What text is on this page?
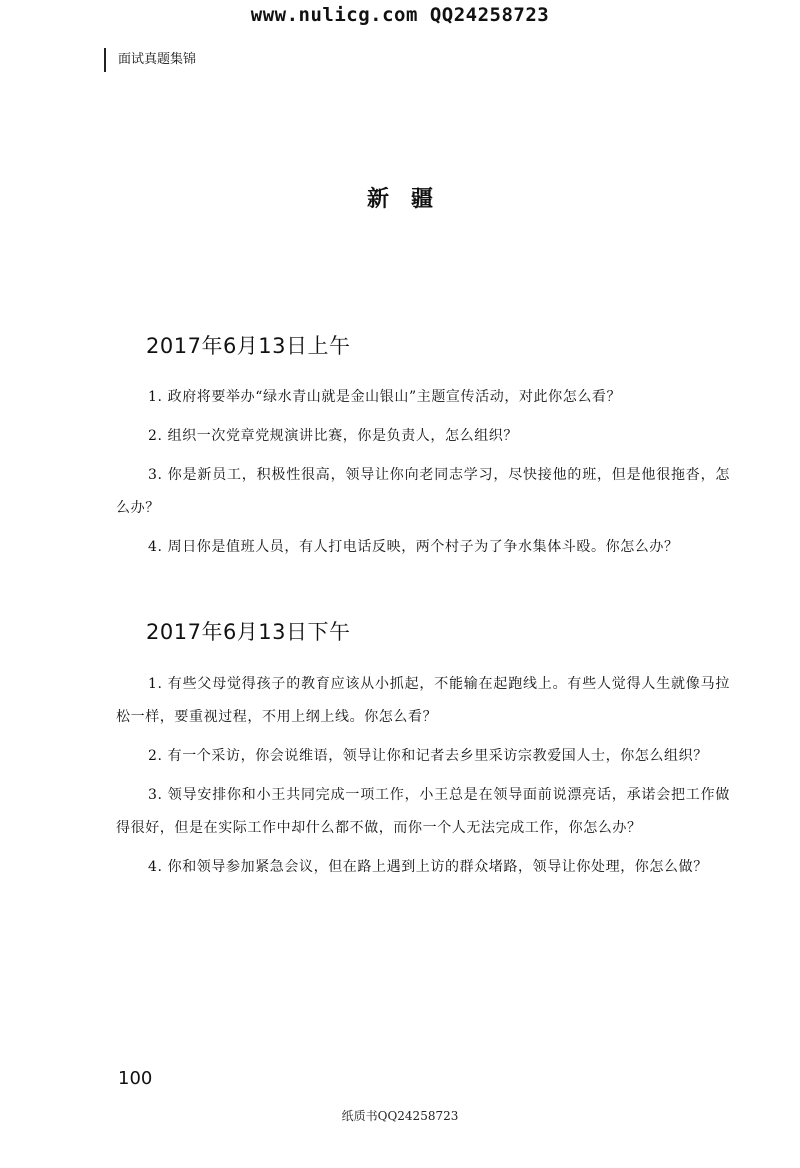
www.nulicg.com QQ24258723
面试真题集锦
新疆
2017年6月13日上午

1. 政府将要举办“绿水青山就是金山银山”主题宣传活动，对此你怎么看？

2. 组织一次党章党规演讲比赛，你是负责人，怎么组织？

3. 你是新员工，积极性很高，领导让你向老同志学习，尽快接他的班，但是他很拖沓，怎么办？

4. 周日你是值班人员，有人打电话反映，两个村子为了争水集体斗殴。你怎么办？

2017年6月13日下午

1. 有些父母觉得孩子的教育应该从小抓起，不能输在起跑线上。有些人觉得人生就像马拉松一样，要重视过程，不用上纲上线。你怎么看？

2. 有一个采访，你会说维语，领导让你和记者去乡里采访宗教爱国人士，你怎么组织？

3. 领导安排你和小王共同完成一项工作，小王总是在领导面前说漂亮话，承诺会把工作做得很好，但是在实际工作中却什么都不做，而你一个人无法完成工作，你怎么办？

4. 你和领导参加紧急会议，但在路上遇到上访的群众堵路，领导让你处理，你怎么做？

100
纸质书QQ24258723
